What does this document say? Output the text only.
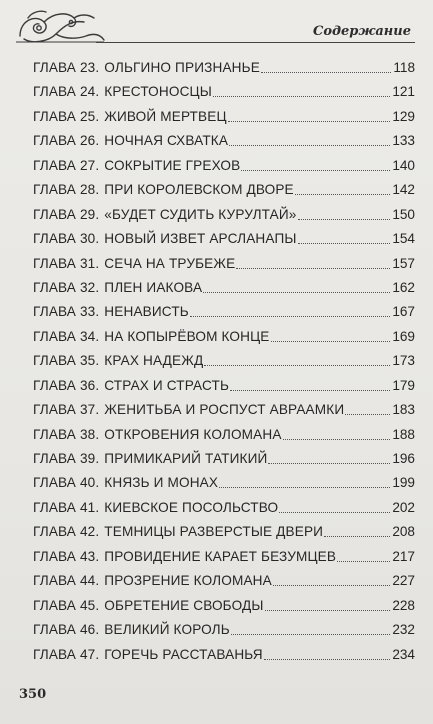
Содержание
ГЛАВА 23. ОЛЬГИНО ПРИЗНАНЬЕ	118
ГЛАВА 24. КРЕСТОНОСЦЫ	121
ГЛАВА 25. ЖИВОЙ МЕРТВЕЦ	129
ГЛАВА 26. НОЧНАЯ СХВАТКА	133
ГЛАВА 27. СОКРЫТИЕ ГРЕХОВ	140
ГЛАВА 28. ПРИ КОРОЛЕВСКОМ ДВОРЕ	142
ГЛАВА 29. «БУДЕТ СУДИТЬ КУРУЛТАЙ»	150
ГЛАВА 30. НОВЫЙ ИЗВЕТ АРСЛАНАПЫ	154
ГЛАВА 31. СЕЧА НА ТРУБЕЖЕ	157
ГЛАВА 32. ПЛЕН ИАКОВА	162
ГЛАВА 33. НЕНАВИСТЬ	167
ГЛАВА 34. НА КОПЫРЁВОМ КОНЦЕ	169
ГЛАВА 35. КРАХ НАДЕЖД	173
ГЛАВА 36. СТРАХ И СТРАСТЬ	179
ГЛАВА 37. ЖЕНИТЬБА И РОСПУСТ АВРААМКИ	183
ГЛАВА 38. ОТКРОВЕНИЯ КОЛОМАНА	188
ГЛАВА 39. ПРИМИКАРИЙ ТАТИКИЙ	196
ГЛАВА 40. КНЯЗЬ И МОНАХ	199
ГЛАВА 41. КИЕВСКОЕ ПОСОЛЬСТВО	202
ГЛАВА 42. ТЕМНИЦЫ РАЗВЕРСТЫЕ ДВЕРИ	208
ГЛАВА 43. ПРОВИДЕНИЕ КАРАЕТ БЕЗУМЦЕВ	217
ГЛАВА 44. ПРОЗРЕНИЕ КОЛОМАНА	227
ГЛАВА 45. ОБРЕТЕНИЕ СВОБОДЫ	228
ГЛАВА 46. ВЕЛИКИЙ КОРОЛЬ	232
ГЛАВА 47. ГОРЕЧЬ РАССТАВАНЬЯ	234
350
